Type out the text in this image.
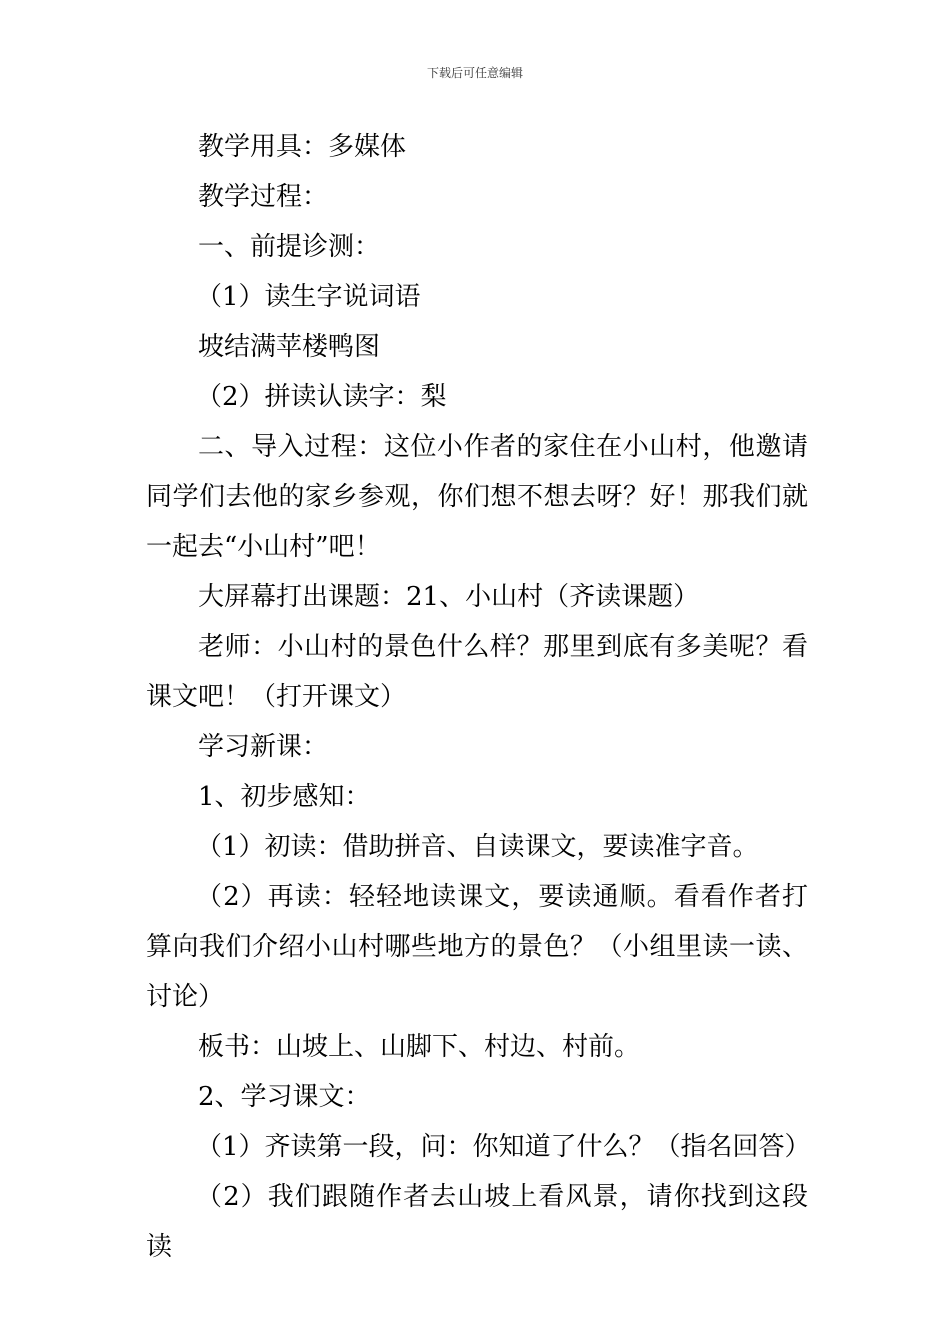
下载后可任意编辑

教学用具：多媒体

教学过程：

一、前提诊测：

（1）读生字说词语

坡结满苹楼鸭图

（2）拼读认读字：梨

二、导入过程：这位小作者的家住在小山村，他邀请同学们去他的家乡参观，你们想不想去呀？好！那我们就一起去“小山村”吧！

大屏幕打出课题：21、小山村（齐读课题）

老师：小山村的景色什么样？那里到底有多美呢？看课文吧！（打开课文）

学习新课：

1、初步感知：

（1）初读：借助拼音、自读课文，要读准字音。

（2）再读：轻轻地读课文，要读通顺。看看作者打算向我们介绍小山村哪些地方的景色？（小组里读一读、讨论）

板书：山坡上、山脚下、村边、村前。

2、学习课文：

（1）齐读第一段，问：你知道了什么？（指名回答）

（2）我们跟随作者去山坡上看风景，请你找到这段读
